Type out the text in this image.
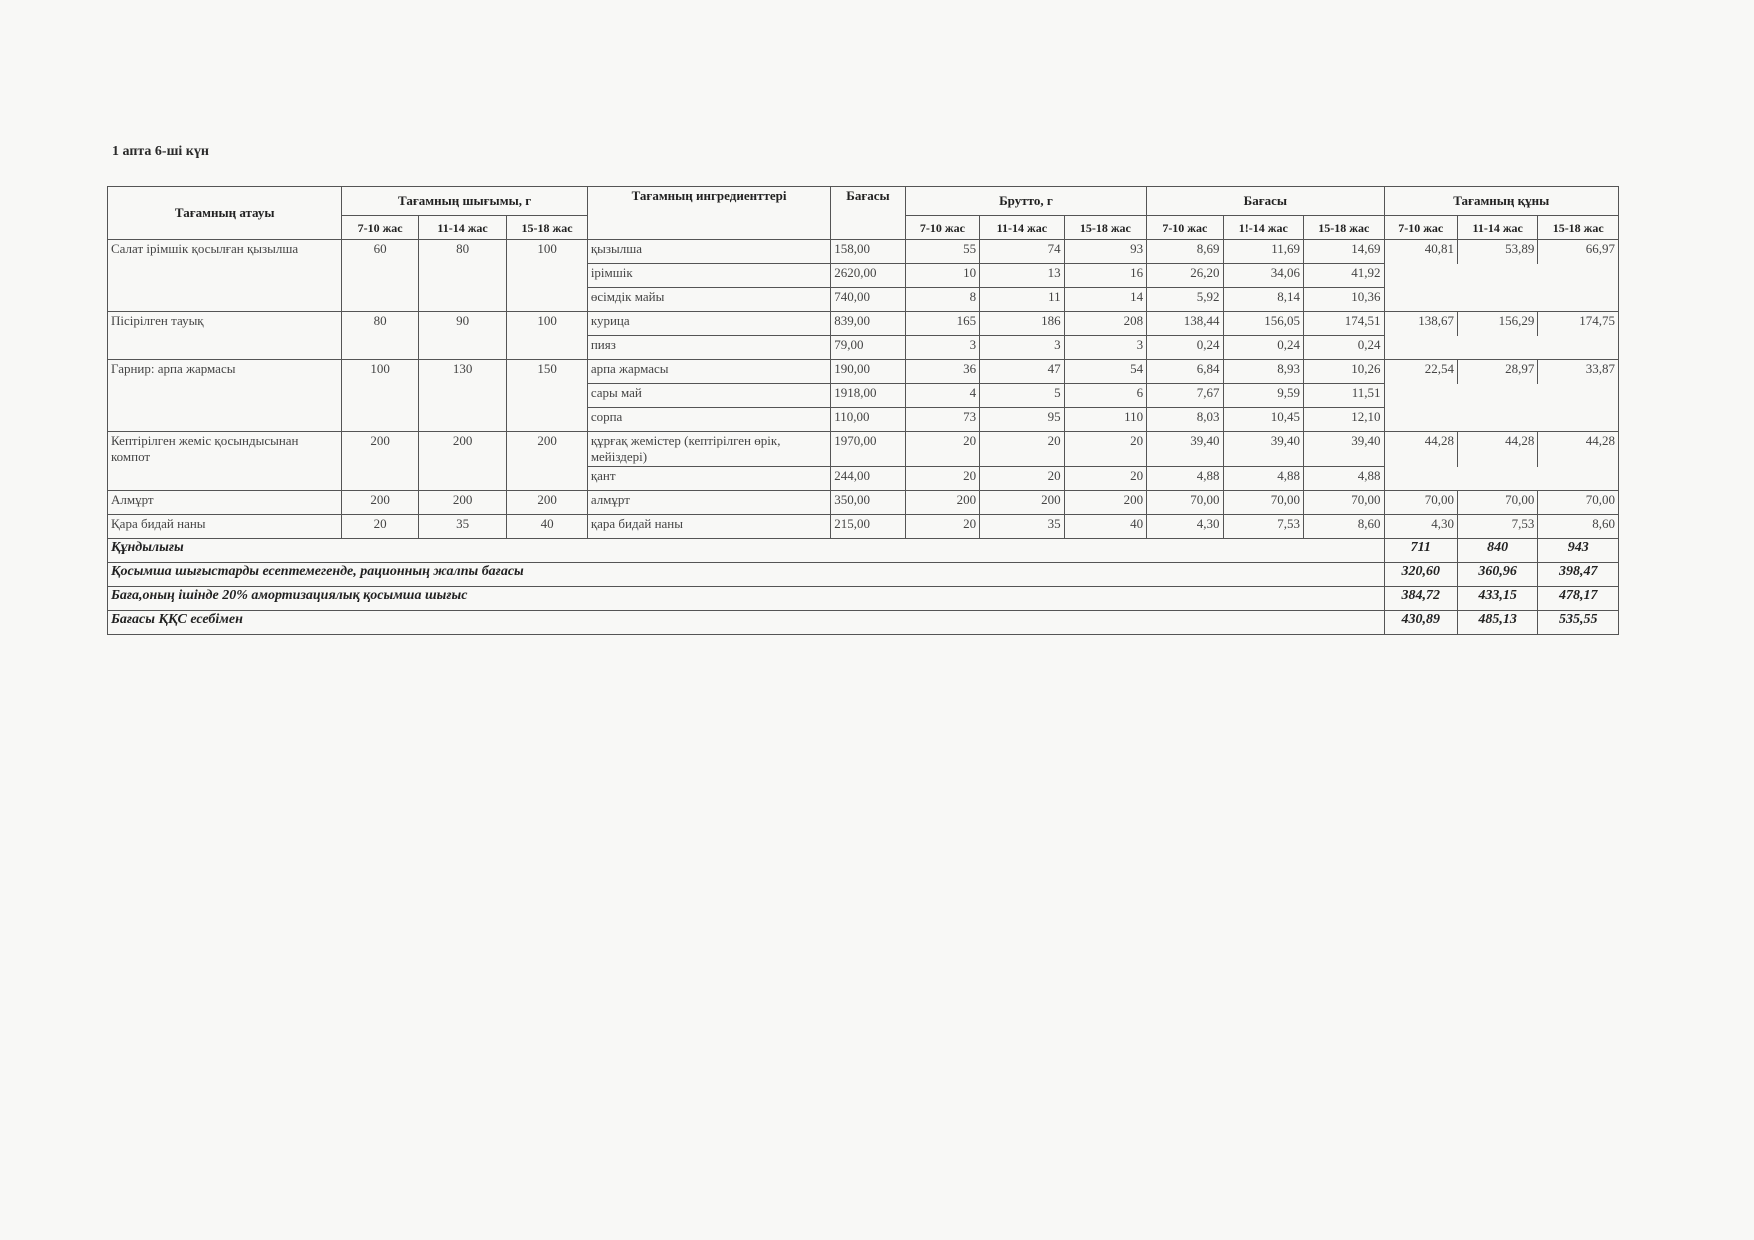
1 апта 6-шi күн
Тағамның атауы	Тағамның шығымы, г			Тағамның ингредиенттері	Бағасы	Брутто, г			Бағасы			Тағамның құны		
	7-10 жас	11-14 жас	15-18 жас			7-10 жас	11-14 жас	15-18 жас	7-10 жас	1!-14 жас	15-18 жас	7-10 жас	11-14 жас	15-18 жас
Салат ірімшік қосылған қызылша	60	80	100	қызылша	158,00	55	74	93	8,69	11,69	14,69	40,81	53,89	66,97
				ірімшік	2620,00	10	13	16	26,20	34,06	41,92			
				өсімдік майы	740,00	8	11	14	5,92	8,14	10,36			
Пісірілген тауық	80	90	100	курица	839,00	165	186	208	138,44	156,05	174,51	138,67	156,29	174,75
				пияз	79,00	3	3	3	0,24	0,24	0,24			
Гарнир: арпа жармасы	100	130	150	арпа жармасы	190,00	36	47	54	6,84	8,93	10,26	22,54	28,97	33,87
				сары май	1918,00	4	5	6	7,67	9,59	11,51			
				сорпа	110,00	73	95	110	8,03	10,45	12,10			
Кептірілген жеміс қосындысынан компот	200	200	200	құрғақ жемістер (кептірілген өрік, мейіздері)	1970,00	20	20	20	39,40	39,40	39,40	44,28	44,28	44,28
				қант	244,00	20	20	20	4,88	4,88	4,88			
Алмұрт	200	200	200	алмұрт	350,00	200	200	200	70,00	70,00	70,00	70,00	70,00	70,00
Қара бидай наны	20	35	40	қара бидай наны	215,00	20	35	40	4,30	7,53	8,60	4,30	7,53	8,60
Құндылығы												711	840	943
Қосымша шығыстарды есептемегенде, рационның жалпы бағасы												320,60	360,96	398,47
Баға,оның ішінде 20% амортизациялық қосымша шығыс												384,72	433,15	478,17
Бағасы ҚҚС есебімен												430,89	485,13	535,55
